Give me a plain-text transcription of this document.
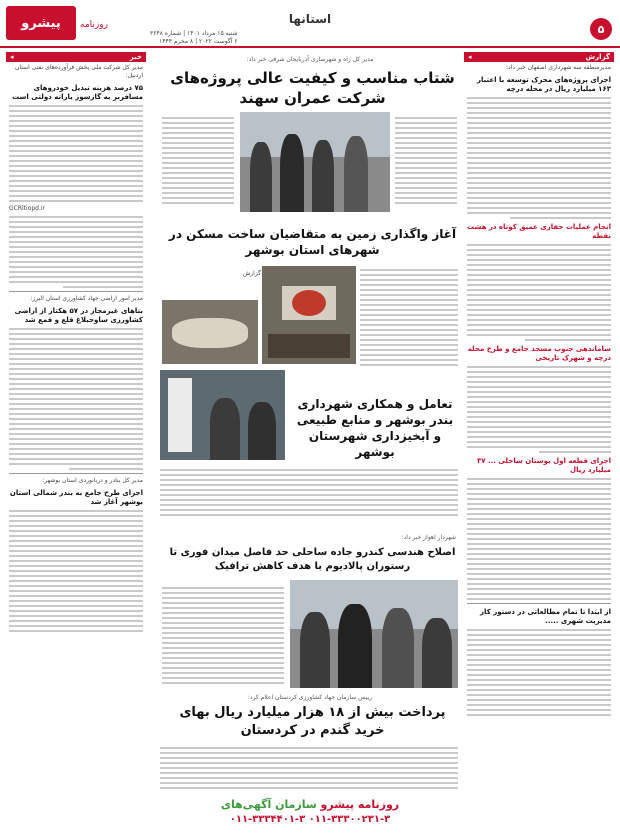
پیشرو	روزنامه
شنبه ۱۵ مرداد ۱۴۰۱ | شماره ۳۶۴۸
۶ آگوست ۲۰۲۲ | ۸ محرم ۱۴۴۴
استانها
۵
گزارش
◂
مدیرمنطقه سه شهرداری اصفهان خبر داد:
اجرای پروژه‌های محرک توسعه با اعتبار ۱۶۳ میلیارد ریال در محله درچه
انجام عملیات حفاری عمیق کوتاه در هشت نقطه
ساماندهی جنوب مسجد جامع و طرح محله درچه و شهرک تاریخی
اجرای قطعه اول بوستان ساحلی ... ۳۷ میلیارد ریال
از ابتدا تا تمام مطالعاتی در دستور کار مدیریت شهری .....
خبر
◂
مدیر کل شرکت ملی پخش فرآورده‌های نفتی استان اردبیل:
۷۵ درصد هزینه تبدیل خودروهای مسافربر به گازسوز یارانه دولتی است
GCRltiopd.ir
مدیر امور اراضی جهاد کشاورزی استان البرز:
بناهای غیرمجاز در ۵۷ هکتار از اراضی کشاورزی ساوجبلاغ قلع و قمع شد
مدیر کل بنادر و دریانوردی استان بوشهر:
اجرای طرح جامع به بندر شمالی استان بوشهر آغاز شد
مدیر کل راه و شهرسازی آذربایجان شرقی خبر داد:
شتاب مناسب و کیفیت عالی پروژه‌های شرکت عمران سهند
آغاز واگذاری زمین به متقاضیان ساخت مسکن در شهرهای استان بوشهر
گزارش
تعامل و همکاری شهرداری بندر بوشهر و منابع طبیعی و آبخیزداری شهرستان بوشهر
شهردار اهواز خبر داد:
اصلاح هندسی کندرو جاده ساحلی حد فاصل میدان فوری تا رستوران پالادیوم با هدف کاهش ترافیک
رییس سازمان جهاد کشاورزی کردستان اعلام کرد:
پرداخت بیش از ۱۸ هزار میلیارد ریال بهای خرید گندم در کردستان
روزنامه پیشرو سازمان آگهی‌های
۰۱۱-۳۳۳۰۰۲۳۱-۳ ۰۱۱-۳۳۳۴۴۰۱-۳
